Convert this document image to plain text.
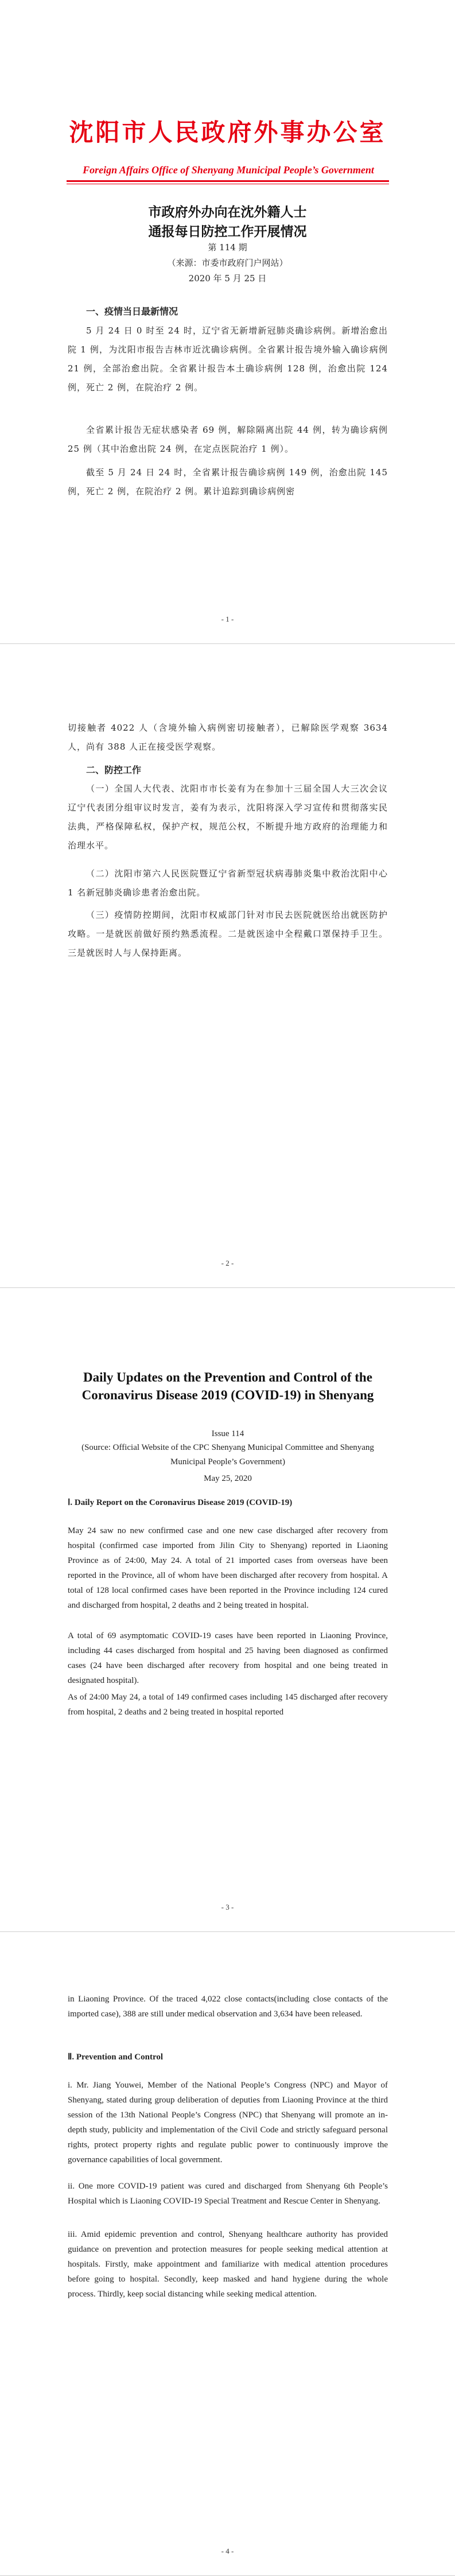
沈阳市人民政府外事办公室
Foreign Affairs Office of Shenyang Municipal People’s Government
市政府外办向在沈外籍人士
通报每日防控工作开展情况
第 114 期
（来源：市委市政府门户网站）
2020 年 5 月 25 日
一、疫情当日最新情况
5 月 24 日 0 时至 24 时，辽宁省无新增新冠肺炎确诊病例。新增治愈出院 1 例，为沈阳市报告吉林市近沈确诊病例。全省累计报告境外输入确诊病例 21 例，全部治愈出院。全省累计报告本土确诊病例 128 例，治愈出院 124 例，死亡 2 例，在院治疗 2 例。
全省累计报告无症状感染者 69 例，解除隔离出院 44 例，转为确诊病例 25 例（其中治愈出院 24 例，在定点医院治疗 1 例）。
截至 5 月 24 日 24 时，全省累计报告确诊病例 149 例，治愈出院 145 例，死亡 2 例，在院治疗 2 例。累计追踪到确诊病例密
- 1 -
切接触者 4022 人（含境外输入病例密切接触者），已解除医学观察 3634 人，尚有 388 人正在接受医学观察。
二、防控工作
（一）全国人大代表、沈阳市市长姜有为在参加十三届全国人大三次会议辽宁代表团分组审议时发言，姜有为表示，沈阳将深入学习宣传和贯彻落实民法典，严格保障私权，保护产权，规范公权，不断提升地方政府的治理能力和治理水平。
（二）沈阳市第六人民医院暨辽宁省新型冠状病毒肺炎集中救治沈阳中心 1 名新冠肺炎确诊患者治愈出院。
（三）疫情防控期间，沈阳市权威部门针对市民去医院就医给出就医防护攻略。一是就医前做好预约熟悉流程。二是就医途中全程戴口罩保持手卫生。三是就医时人与人保持距离。
- 2 -
Daily Updates on the Prevention and Control of the Coronavirus Disease 2019 (COVID-19) in Shenyang
Issue 114
(Source: Official Website of the CPC Shenyang Municipal Committee and Shenyang Municipal People’s Government)
May 25, 2020
Ⅰ. Daily Report on the Coronavirus Disease 2019 (COVID-19)
May 24 saw no new confirmed case and one new case discharged after recovery from hospital (confirmed case imported from Jilin City to Shenyang) reported in Liaoning Province as of 24:00, May 24. A total of 21 imported cases from overseas have been reported in the Province, all of whom have been discharged after recovery from hospital. A total of 128 local confirmed cases have been reported in the Province including 124 cured and discharged from hospital, 2 deaths and 2 being treated in hospital.
A total of 69 asymptomatic COVID-19 cases have been reported in Liaoning Province, including 44 cases discharged from hospital and 25 having been diagnosed as confirmed cases (24 have been discharged after recovery from hospital and one being treated in designated hospital).
As of 24:00 May 24, a total of 149 confirmed cases including 145 discharged after recovery from hospital, 2 deaths and 2 being treated in hospital reported
- 3 -
in Liaoning Province. Of the traced 4,022 close contacts(including close contacts of the imported case), 388 are still under medical observation and 3,634 have been released.
Ⅱ. Prevention and Control
i. Mr. Jiang Youwei, Member of the National People’s Congress (NPC) and Mayor of Shenyang, stated during group deliberation of deputies from Liaoning Province at the third session of the 13th National People’s Congress (NPC) that Shenyang will promote an in-depth study, publicity and implementation of the Civil Code and strictly safeguard personal rights, protect property rights and regulate public power to continuously improve the governance capabilities of local government.
ii. One more COVID-19 patient was cured and discharged from Shenyang 6th People’s Hospital which is Liaoning COVID-19 Special Treatment and Rescue Center in Shenyang.
iii. Amid epidemic prevention and control, Shenyang healthcare authority has provided guidance on prevention and protection measures for people seeking medical attention at hospitals. Firstly, make appointment and familiarize with medical attention procedures before going to hospital. Secondly, keep masked and hand hygiene during the whole process. Thirdly, keep social distancing while seeking medical attention.
- 4 -
